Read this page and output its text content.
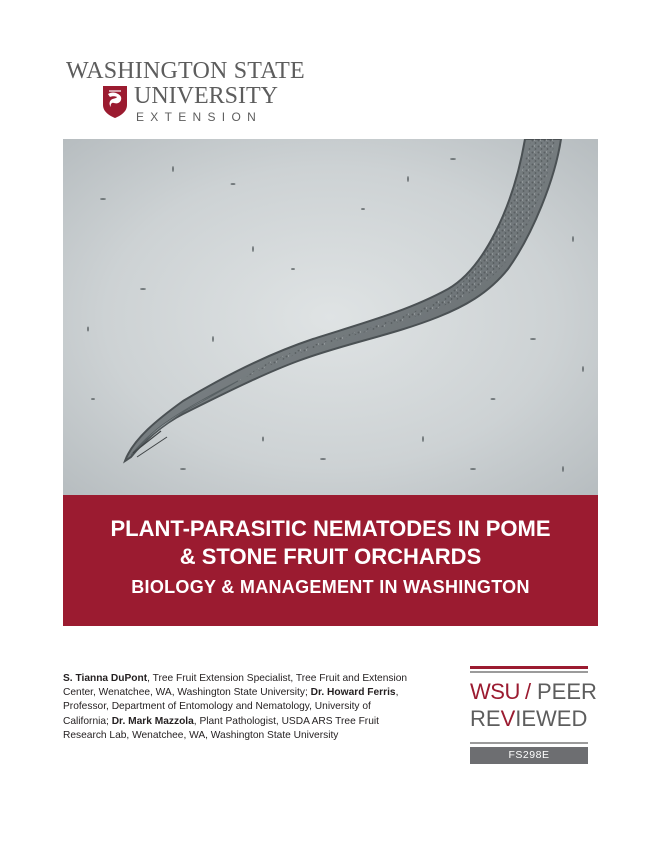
WASHINGTON STATE
UNIVERSITY
EXTENSION
PLANT-PARASITIC NEMATODES IN POME
& STONE FRUIT ORCHARDS
BIOLOGY & MANAGEMENT IN WASHINGTON
S. Tianna DuPont, Tree Fruit Extension Specialist, Tree Fruit and Extension Center, Wenatchee, WA, Washington State University; Dr. Howard Ferris, Professor, Department of Entomology and Nematology, University of California; Dr. Mark Mazzola, Plant Pathologist, USDA ARS Tree Fruit Research Lab, Wenatchee, WA, Washington State University
WSU / PEER
REVIEWED
FS298E
